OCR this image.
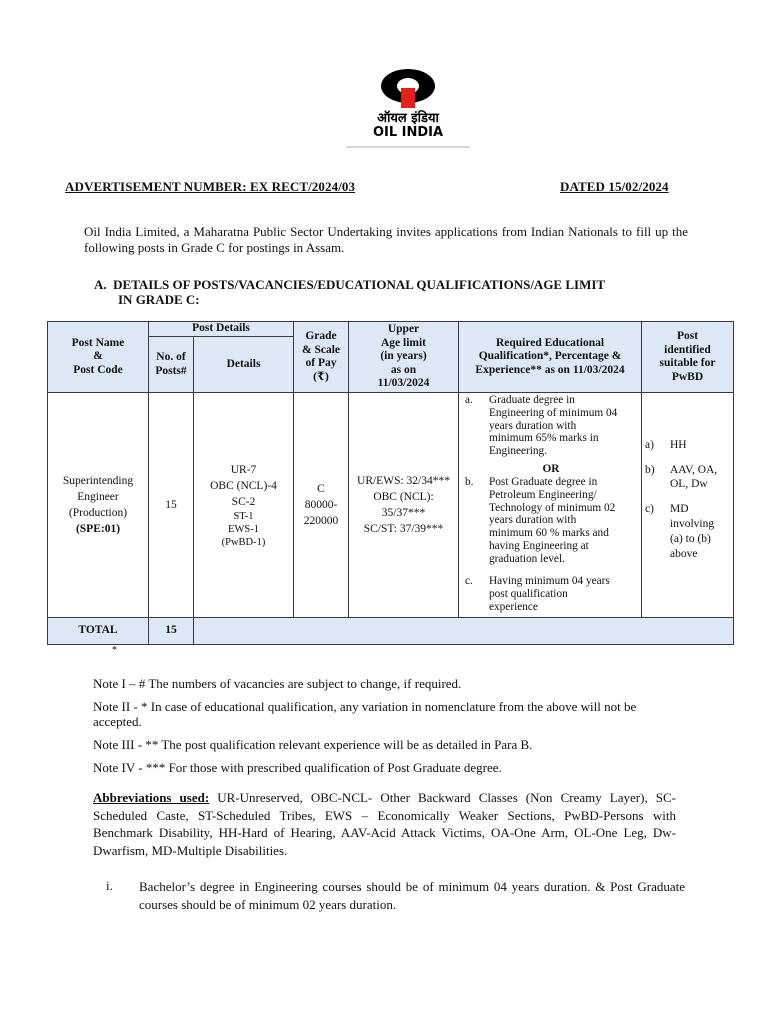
ऑयल इंडिया
OIL INDIA
ADVERTISEMENT NUMBER: EX RECT/2024/03	DATED 15/02/2024
Oil India Limited, a Maharatna Public Sector Undertaking invites applications from Indian Nationals to fill up the following posts in Grade C for postings in Assam.
A. DETAILS OF POSTS/VACANCIES/EDUCATIONAL QUALIFICATIONS/AGE LIMIT
IN GRADE C:
Post Name
&
Post Code
Post Details
No. of
Posts#
Details
Grade
& Scale
of Pay
(₹)
Upper
Age limit
(in years)
as on
11/03/2024
Required Educational
Qualification*, Percentage &
Experience** as on 11/03/2024
Post
identified
suitable for
PwBD
Superintending
Engineer
(Production)
(SPE:01)
15
UR-7
OBC (NCL)-4
SC-2
ST-1
EWS-1
(PwBD-1)
C
80000-
220000
UR/EWS: 32/34***
OBC (NCL):
35/37***
SC/ST: 37/39***
a. Graduate degree in
Engineering of minimum 04
years duration with
minimum 65% marks in
Engineering.
OR
b. Post Graduate degree in
Petroleum Engineering/
Technology of minimum 02
years duration with
minimum 60 % marks and
having Engineering at
graduation level.
c. Having minimum 04 years
post qualification
experience
a) HH
b) AAV, OA,
OL, Dw
c) MD
involving
(a) to (b)
above
TOTAL	15
*
Note I – # The numbers of vacancies are subject to change, if required.
Note II - * In case of educational qualification, any variation in nomenclature from the above will not be accepted.
Note III - ** The post qualification relevant experience will be as detailed in Para B.
Note IV - *** For those with prescribed qualification of Post Graduate degree.
Abbreviations used: UR-Unreserved, OBC-NCL- Other Backward Classes (Non Creamy Layer), SC- Scheduled Caste, ST-Scheduled Tribes, EWS – Economically Weaker Sections, PwBD-Persons with Benchmark Disability, HH-Hard of Hearing, AAV-Acid Attack Victims, OA-One Arm, OL-One Leg, Dw-Dwarfism, MD-Multiple Disabilities.
i. Bachelor’s degree in Engineering courses should be of minimum 04 years duration. & Post Graduate courses should be of minimum 02 years duration.
